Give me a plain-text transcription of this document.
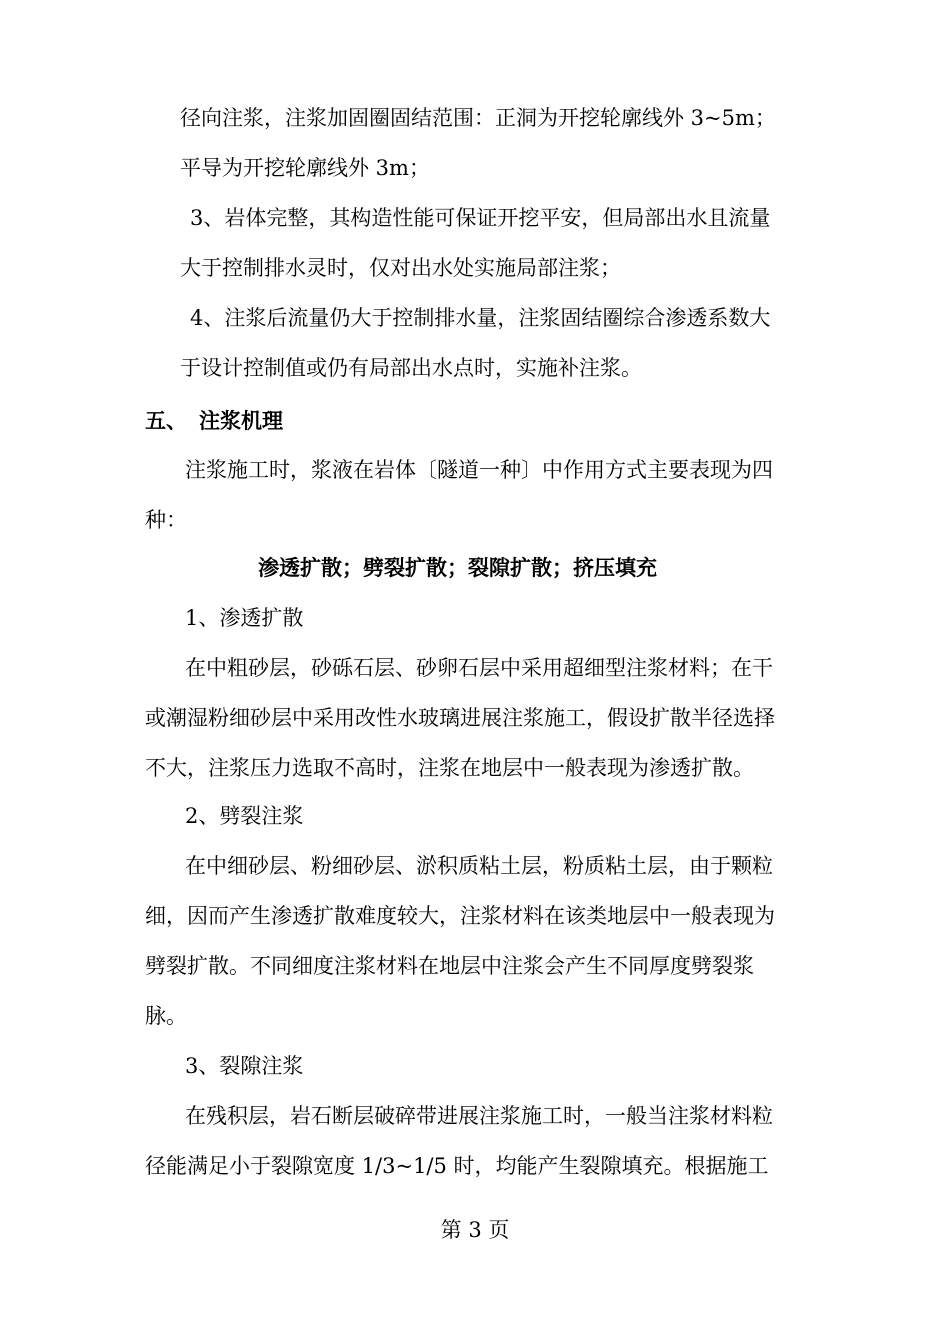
径向注浆，注浆加固圈固结范围：正洞为开挖轮廓线外 3~5m；
平导为开挖轮廓线外 3m；
3、岩体完整，其构造性能可保证开挖平安，但局部出水且流量
大于控制排水灵时，仅对出水处实施局部注浆；
4、注浆后流量仍大于控制排水量，注浆固结圈综合渗透系数大
于设计控制值或仍有局部出水点时，实施补注浆。
五、 注浆机理
注浆施工时，浆液在岩体〔隧道一种〕中作用方式主要表现为四
种：
渗透扩散；劈裂扩散；裂隙扩散；挤压填充
1、渗透扩散
在中粗砂层，砂砾石层、砂卵石层中采用超细型注浆材料；在干
或潮湿粉细砂层中采用改性水玻璃进展注浆施工，假设扩散半径选择
不大，注浆压力选取不高时，注浆在地层中一般表现为渗透扩散。
2、劈裂注浆
在中细砂层、粉细砂层、淤积质粘土层，粉质粘土层，由于颗粒
细，因而产生渗透扩散难度较大，注浆材料在该类地层中一般表现为
劈裂扩散。不同细度注浆材料在地层中注浆会产生不同厚度劈裂浆
脉。
3、裂隙注浆
在残积层，岩石断层破碎带进展注浆施工时，一般当注浆材料粒
径能满足小于裂隙宽度 1/3~1/5 时，均能产生裂隙填充。根据施工
第 3 页
